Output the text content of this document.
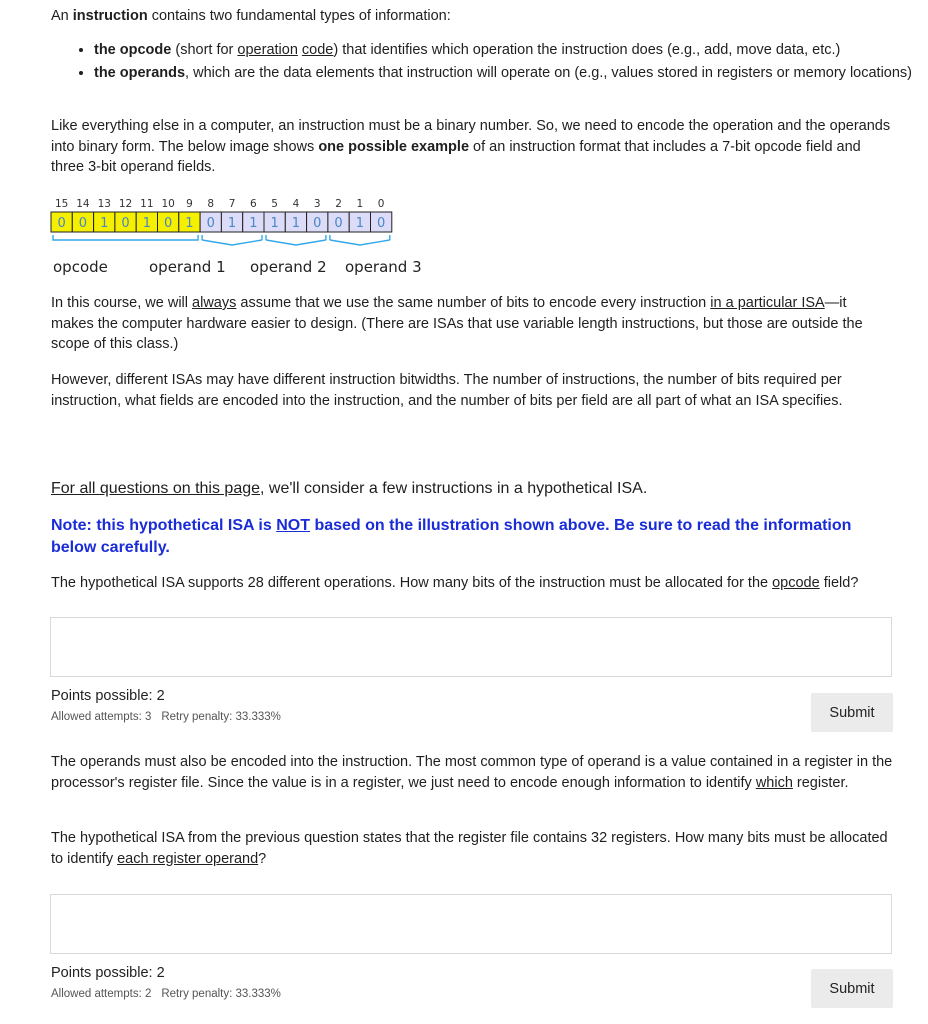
An instruction contains two fundamental types of information:

• the opcode (short for operation code) that identifies which operation the instruction does (e.g., add, move data, etc.)
• the operands, which are the data elements that instruction will operate on (e.g., values stored in registers or memory locations)

Like everything else in a computer, an instruction must be a binary number. So, we need to encode the operation and the operands into binary form. The below image shows one possible example of an instruction format that includes a 7-bit opcode field and three 3-bit operand fields.

15 14 13 12 11 10 9 8 7 6 5 4 3 2 1 0
0 0 1 0 1 0 1 0 1 1 1 1 0 0 1 0
opcode	operand 1 operand 2 operand 3

In this course, we will always assume that we use the same number of bits to encode every instruction in a particular ISA—it makes the computer hardware easier to design. (There are ISAs that use variable length instructions, but those are outside the scope of this class.)

However, different ISAs may have different instruction bitwidths. The number of instructions, the number of bits required per instruction, what fields are encoded into the instruction, and the number of bits per field are all part of what an ISA specifies.

For all questions on this page, we'll consider a few instructions in a hypothetical ISA.

Note: this hypothetical ISA is NOT based on the illustration shown above. Be sure to read the information below carefully.

The hypothetical ISA supports 28 different operations. How many bits of the instruction must be allocated for the opcode field?

Points possible: 2
Allowed attempts: 3 Retry penalty: 33.333%	Submit

The operands must also be encoded into the instruction. The most common type of operand is a value contained in a register in the processor's register file. Since the value is in a register, we just need to encode enough information to identify which register.

The hypothetical ISA from the previous question states that the register file contains 32 registers. How many bits must be allocated to identify each register operand?

Points possible: 2
Allowed attempts: 2 Retry penalty: 33.333%	Submit
